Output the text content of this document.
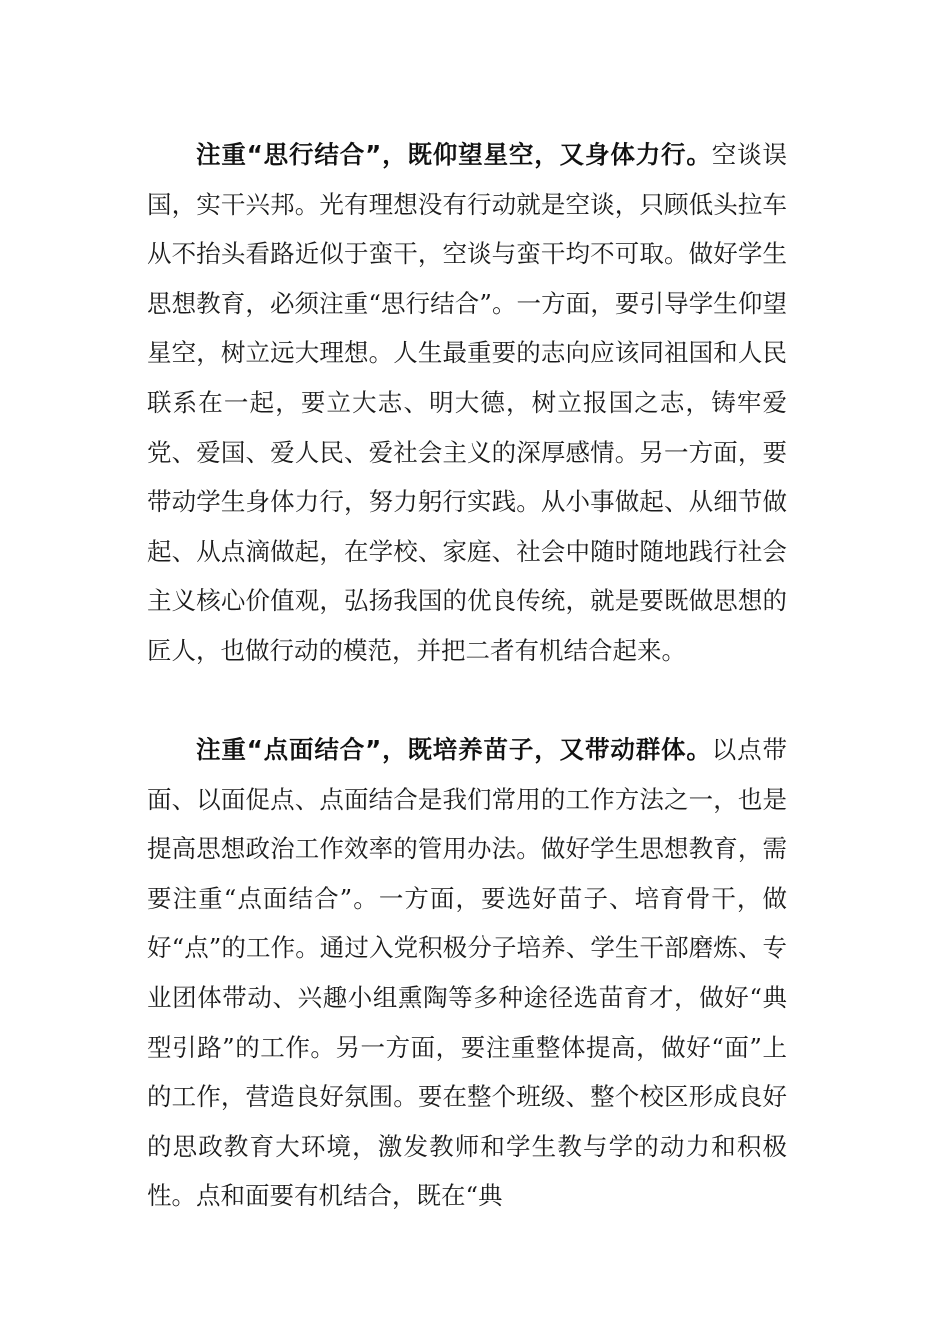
注重“思行结合”，既仰望星空，又身体力行。空谈误国，实干兴邦。光有理想没有行动就是空谈，只顾低头拉车从不抬头看路近似于蛮干，空谈与蛮干均不可取。做好学生思想教育，必须注重“思行结合”。一方面，要引导学生仰望星空，树立远大理想。人生最重要的志向应该同祖国和人民联系在一起，要立大志、明大德，树立报国之志，铸牢爱党、爱国、爱人民、爱社会主义的深厚感情。另一方面，要带动学生身体力行，努力躬行实践。从小事做起、从细节做起、从点滴做起，在学校、家庭、社会中随时随地践行社会主义核心价值观，弘扬我国的优良传统，就是要既做思想的匠人，也做行动的模范，并把二者有机结合起来。

注重“点面结合”，既培养苗子，又带动群体。以点带面、以面促点、点面结合是我们常用的工作方法之一，也是提高思想政治工作效率的管用办法。做好学生思想教育，需要注重“点面结合”。一方面，要选好苗子、培育骨干，做好“点”的工作。通过入党积极分子培养、学生干部磨炼、专业团体带动、兴趣小组熏陶等多种途径选苗育才，做好“典型引路”的工作。另一方面，要注重整体提高，做好“面”上的工作，营造良好氛围。要在整个班级、整个校区形成良好的思政教育大环境，激发教师和学生教与学的动力和积极性。点和面要有机结合，既在“典
